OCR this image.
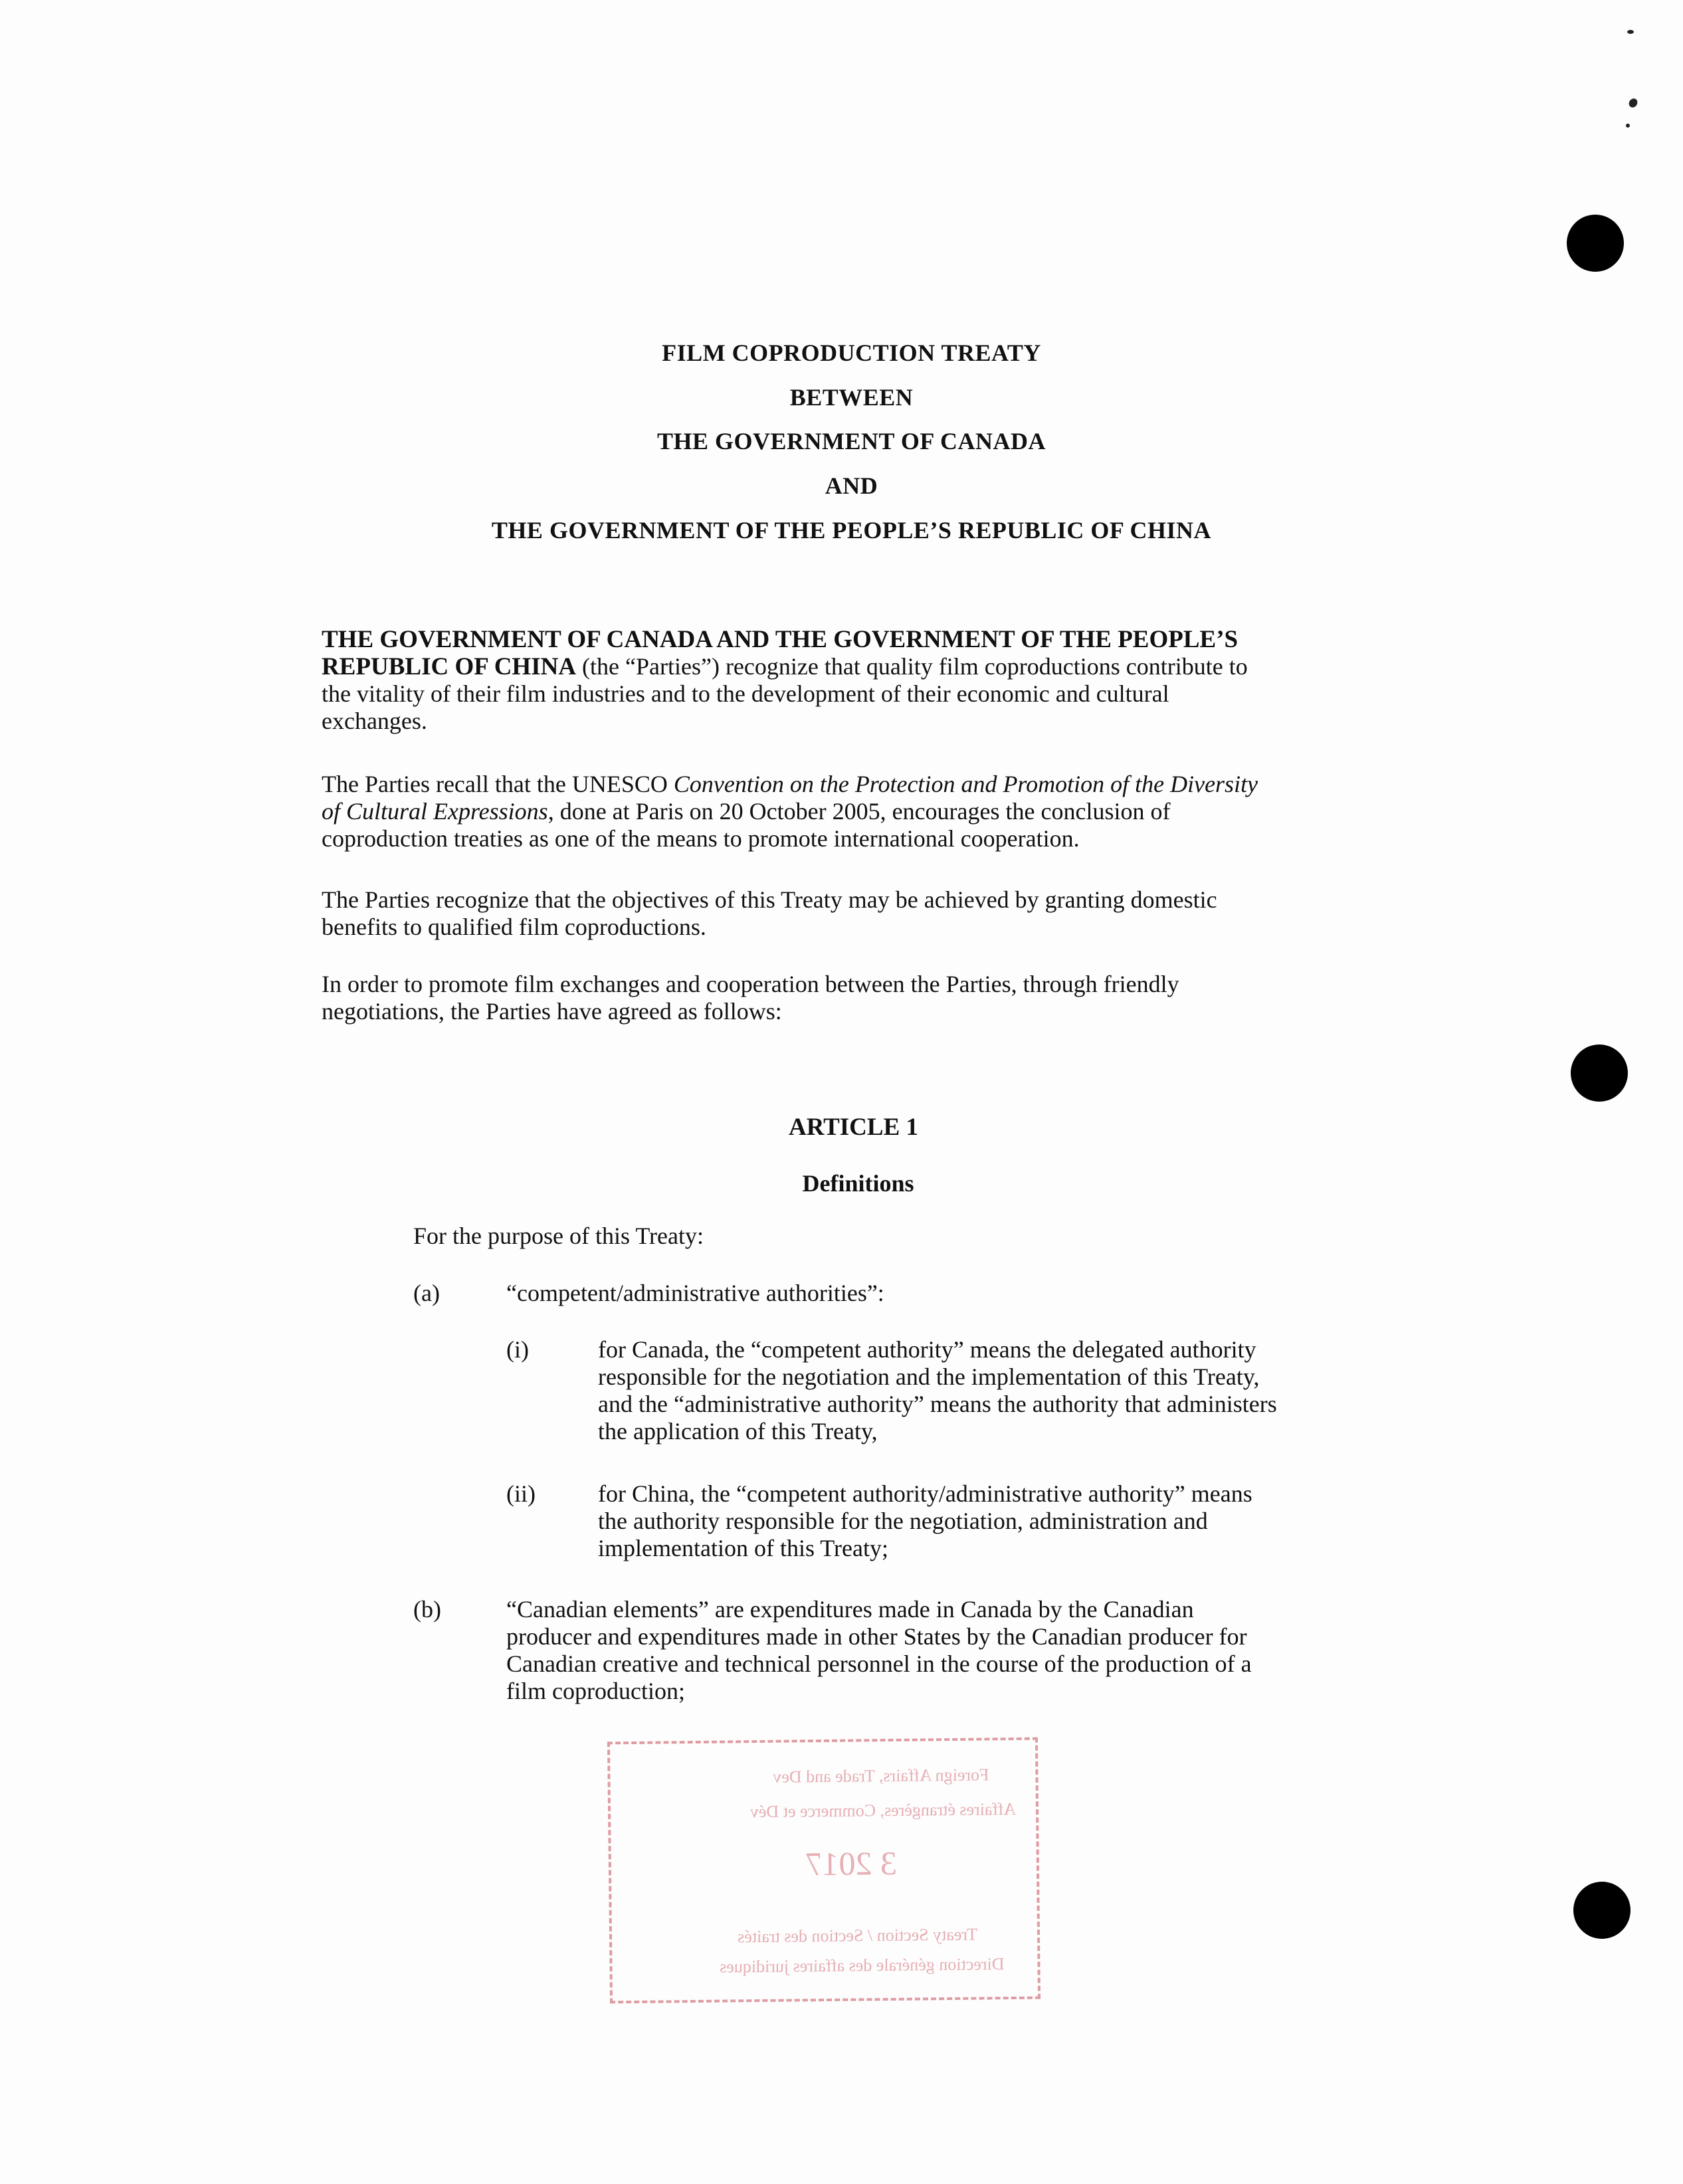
FILM COPRODUCTION TREATY
BETWEEN
THE GOVERNMENT OF CANADA
AND
THE GOVERNMENT OF THE PEOPLE’S REPUBLIC OF CHINA
THE GOVERNMENT OF CANADA AND THE GOVERNMENT OF THE PEOPLE’S
REPUBLIC OF CHINA (the “Parties”) recognize that quality film coproductions contribute to
the vitality of their film industries and to the development of their economic and cultural
exchanges.
The Parties recall that the UNESCO Convention on the Protection and Promotion of the Diversity
of Cultural Expressions, done at Paris on 20 October 2005, encourages the conclusion of
coproduction treaties as one of the means to promote international cooperation.
The Parties recognize that the objectives of this Treaty may be achieved by granting domestic
benefits to qualified film coproductions.
In order to promote film exchanges and cooperation between the Parties, through friendly
negotiations, the Parties have agreed as follows:
ARTICLE 1
Definitions
For the purpose of this Treaty:
(a)	“competent/administrative authorities”:
(i)	for Canada, the “competent authority” means the delegated authority
responsible for the negotiation and the implementation of this Treaty,
and the “administrative authority” means the authority that administers
the application of this Treaty,
(ii)	for China, the “competent authority/administrative authority” means
the authority responsible for the negotiation, administration and
implementation of this Treaty;
(b)	“Canadian elements” are expenditures made in Canada by the Canadian
producer and expenditures made in other States by the Canadian producer for
Canadian creative and technical personnel in the course of the production of a
film coproduction;
Foreign Affairs, Trade and Dev
Affaires étrangères, Commerce et Dév
3 2017
Treaty Section / Section des traités
Direction générale des affaires juridiques
